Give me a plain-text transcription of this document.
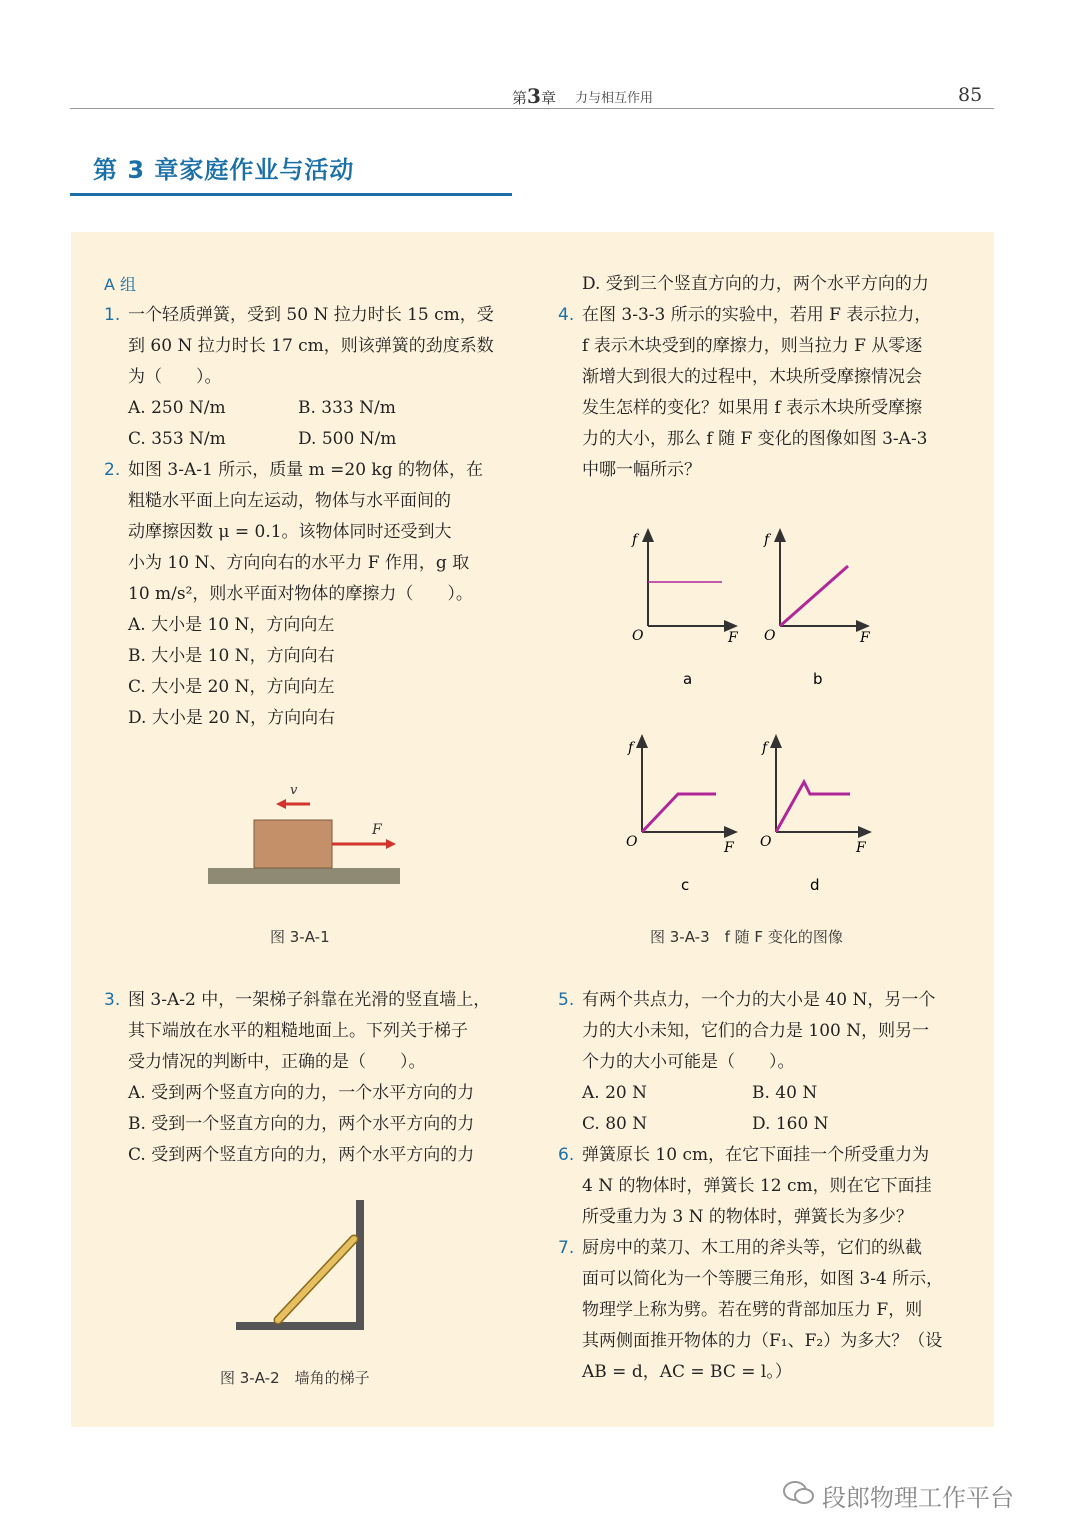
第3章 力与相互作用	85
第 3 章家庭作业与活动
A 组
1. 一个轻质弹簧，受到 50 N 拉力时长 15 cm，受
到 60 N 拉力时长 17 cm，则该弹簧的劲度系数
为（　　）。
A. 250 N/m	B. 333 N/m
C. 353 N/m	D. 500 N/m
2. 如图 3-A-1 所示，质量 m =20 kg 的物体，在
粗糙水平面上向左运动，物体与水平面间的
动摩擦因数 μ = 0.1。该物体同时还受到大
小为 10 N、方向向右的水平力 F 作用，g 取
10 m/s²，则水平面对物体的摩擦力（　　）。
A. 大小是 10 N，方向向左
B. 大小是 10 N，方向向右
C. 大小是 20 N，方向向左
D. 大小是 20 N，方向向右
v
F
图 3-A-1
3. 图 3-A-2 中，一架梯子斜靠在光滑的竖直墙上，
其下端放在水平的粗糙地面上。下列关于梯子
受力情况的判断中，正确的是（　　）。
A. 受到两个竖直方向的力，一个水平方向的力
B. 受到一个竖直方向的力，两个水平方向的力
C. 受到两个竖直方向的力，两个水平方向的力
图 3-A-2　墙角的梯子
D. 受到三个竖直方向的力，两个水平方向的力
4. 在图 3-3-3 所示的实验中，若用 F 表示拉力，
f 表示木块受到的摩擦力，则当拉力 F 从零逐
渐增大到很大的过程中，木块所受摩擦情况会
发生怎样的变化？如果用 f 表示木块所受摩擦
力的大小，那么 f 随 F 变化的图像如图 3-A-3
中哪一幅所示？
f
O	F
a
f
O	F
b
f
O	F
c
f
O	F
d
图 3-A-3　f 随 F 变化的图像
5. 有两个共点力，一个力的大小是 40 N，另一个
力的大小未知，它们的合力是 100 N，则另一
个力的大小可能是（　　）。
A. 20 N	B. 40 N
C. 80 N	D. 160 N
6. 弹簧原长 10 cm，在它下面挂一个所受重力为
4 N 的物体时，弹簧长 12 cm，则在它下面挂
所受重力为 3 N 的物体时，弹簧长为多少？
7. 厨房中的菜刀、木工用的斧头等，它们的纵截
面可以简化为一个等腰三角形，如图 3-4 所示，
物理学上称为劈。若在劈的背部加压力 F，则
其两侧面推开物体的力（F₁、F₂）为多大？（设
AB = d，AC = BC = l。）
段郎物理工作平台
